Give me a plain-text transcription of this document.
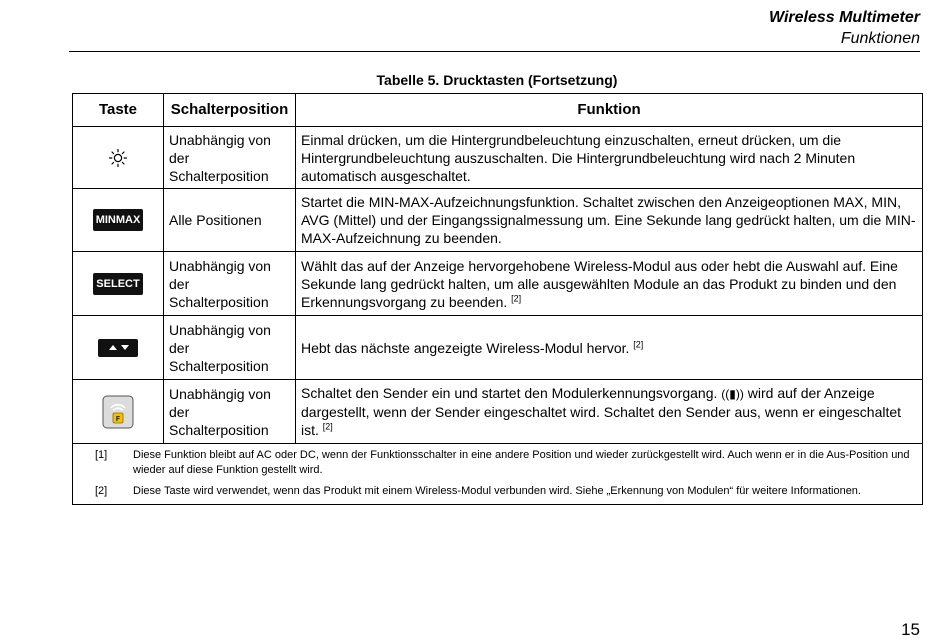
Wireless Multimeter
Funktionen
Tabelle 5. Drucktasten (Fortsetzung)
Taste	Schalterposition	Funktion
	Unabhängig von der Schalterposition	Einmal drücken, um die Hintergrundbeleuchtung einzuschalten, erneut drücken, um die Hintergrundbeleuchtung auszuschalten. Die Hintergrundbeleuchtung wird nach 2 Minuten automatisch ausgeschaltet.
MINMAX	Alle Positionen	Startet die MIN-MAX-Aufzeichnungsfunktion. Schaltet zwischen den Anzeigeoptionen MAX, MIN, AVG (Mittel) und der Eingangssignalmessung um. Eine Sekunde lang gedrückt halten, um die MIN-MAX-Aufzeichnung zu beenden.
SELECT	Unabhängig von der Schalterposition	Wählt das auf der Anzeige hervorgehobene Wireless-Modul aus oder hebt die Auswahl auf. Eine Sekunde lang gedrückt halten, um alle ausgewählten Module an das Produkt zu binden und den Erkennungsvorgang zu beenden. [2]

	Unabhängig von der Schalterposition	Hebt das nächste angezeigte Wireless-Modul hervor. [2]

F	Unabhängig von der Schalterposition	Schaltet den Sender ein und startet den Modulerkennungsvorgang. ((▮)) wird auf der Anzeige dargestellt, wenn der Sender eingeschaltet wird. Schaltet den Sender aus, wenn er eingeschaltet ist. [2]

[1] Diese Funktion bleibt auf AC oder DC, wenn der Funktionsschalter in eine andere Position und wieder zurückgestellt wird. Auch wenn er in die Aus-Position und wieder auf diese Funktion gestellt wird.		

[2] Diese Taste wird verwendet, wenn das Produkt mit einem Wireless-Modul verbunden wird. Siehe „Erkennung von Modulen“ für weitere Informationen.		
15
